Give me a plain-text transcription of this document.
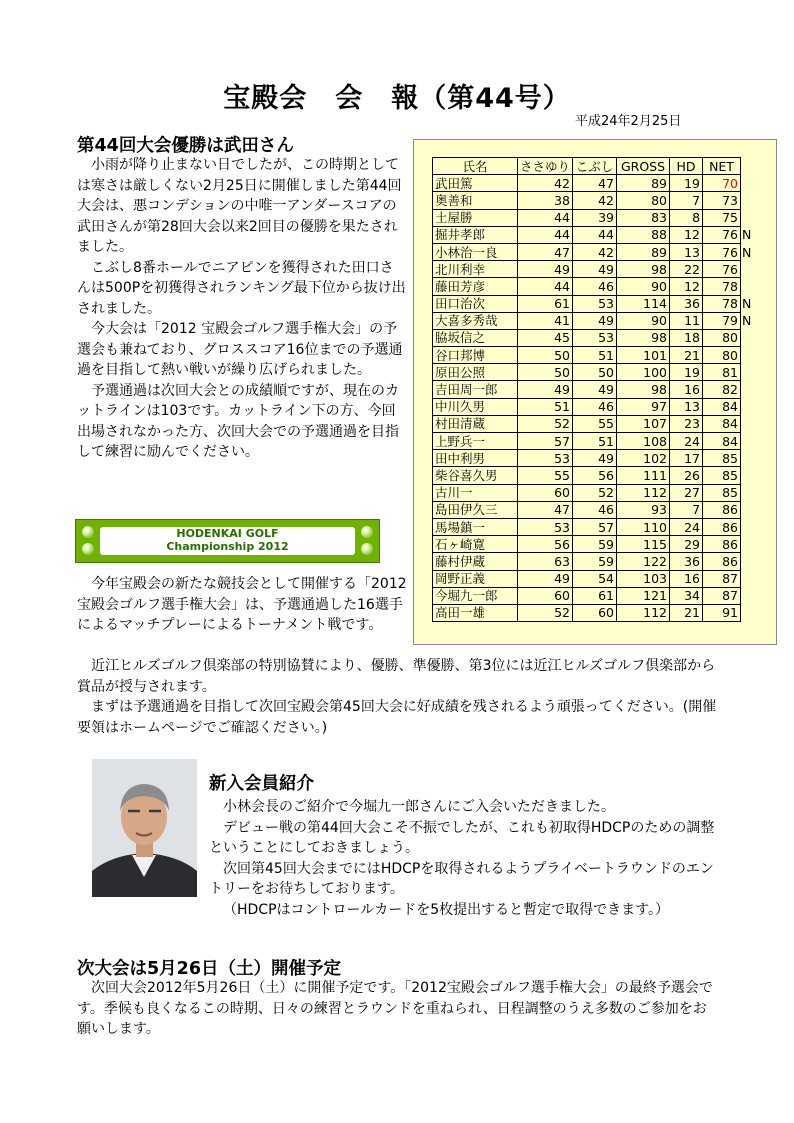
宝殿会　会　報（第44号）
平成24年2月25日
第44回大会優勝は武田さん

小雨が降り止まない日でしたが、この時期としては寒さは厳しくない2月25日に開催しました第44回大会は、悪コンデションの中唯一アンダースコアの武田さんが第28回大会以来2回目の優勝を果たされました。

こぶし8番ホールでニアピンを獲得された田口さんは500Pを初獲得されランキング最下位から抜け出されました。

今大会は「2012 宝殿会ゴルフ選手権大会」の予選会も兼ねており、グロススコア16位までの予選通過を目指して熱い戦いが繰り広げられました。

予選通過は次回大会との成績順ですが、現在のカットラインは103です。カットライン下の方、今回出場されなかった方、次回大会での予選通過を目指して練習に励んでください。

氏名	ささゆり	こぶし	GROSS	HD	NET	
武田篤	42	47	89	19	70	
奥善和	38	42	80	7	73	
土屋勝	44	39	83	8	75	
掘井孝郎	44	44	88	12	76	N
小林治一良	47	42	89	13	76	N
北川利幸	49	49	98	22	76	
藤田芳彦	44	46	90	12	78	
田口治次	61	53	114	36	78	N
大喜多秀哉	41	49	90	11	79	N
脇坂信之	45	53	98	18	80	
谷口邦博	50	51	101	21	80	
原田公照	50	50	100	19	81	
吉田周一郎	49	49	98	16	82	
中川久男	51	46	97	13	84	
村田清蔵	52	55	107	23	84	
上野兵一	57	51	108	24	84	
田中利男	53	49	102	17	85	
柴谷喜久男	55	56	111	26	85	
古川一	60	52	112	27	85	
島田伊久三	47	46	93	7	86	
馬場鎮一	53	57	110	24	86	
石ヶ崎寛	56	59	115	29	86	
藤村伊蔵	63	59	122	36	86	
岡野正義	49	54	103	16	87	
今堀九一郎	60	61	121	34	87	
高田一雄	52	60	112	21	91	
HODENKAI GOLF
Championship 2012

今年宝殿会の新たな競技会として開催する「2012宝殿会ゴルフ選手権大会」は、予選通過した16選手によるマッチプレーによるトーナメント戦です。

近江ヒルズゴルフ倶楽部の特別協賛により、優勝、準優勝、第3位には近江ヒルズゴルフ倶楽部から賞品が授与されます。

まずは予選通過を目指して次回宝殿会第45回大会に好成績を残されるよう頑張ってください。(開催要領はホームページでご確認ください。)

新入会員紹介

小林会長のご紹介で今堀九一郎さんにご入会いただきました。

デビュー戦の第44回大会こそ不振でしたが、これも初取得HDCPのための調整ということにしておきましょう。

次回第45回大会までにはHDCPを取得されるようプライベートラウンドのエントリーをお待ちしております。

（HDCPはコントロールカードを5枚提出すると暫定で取得できます。）

次大会は5月26日（土）開催予定

次回大会2012年5月26日（土）に開催予定です。「2012宝殿会ゴルフ選手権大会」の最終予選会です。季候も良くなるこの時期、日々の練習とラウンドを重ねられ、日程調整のうえ多数のご参加をお願いします。
